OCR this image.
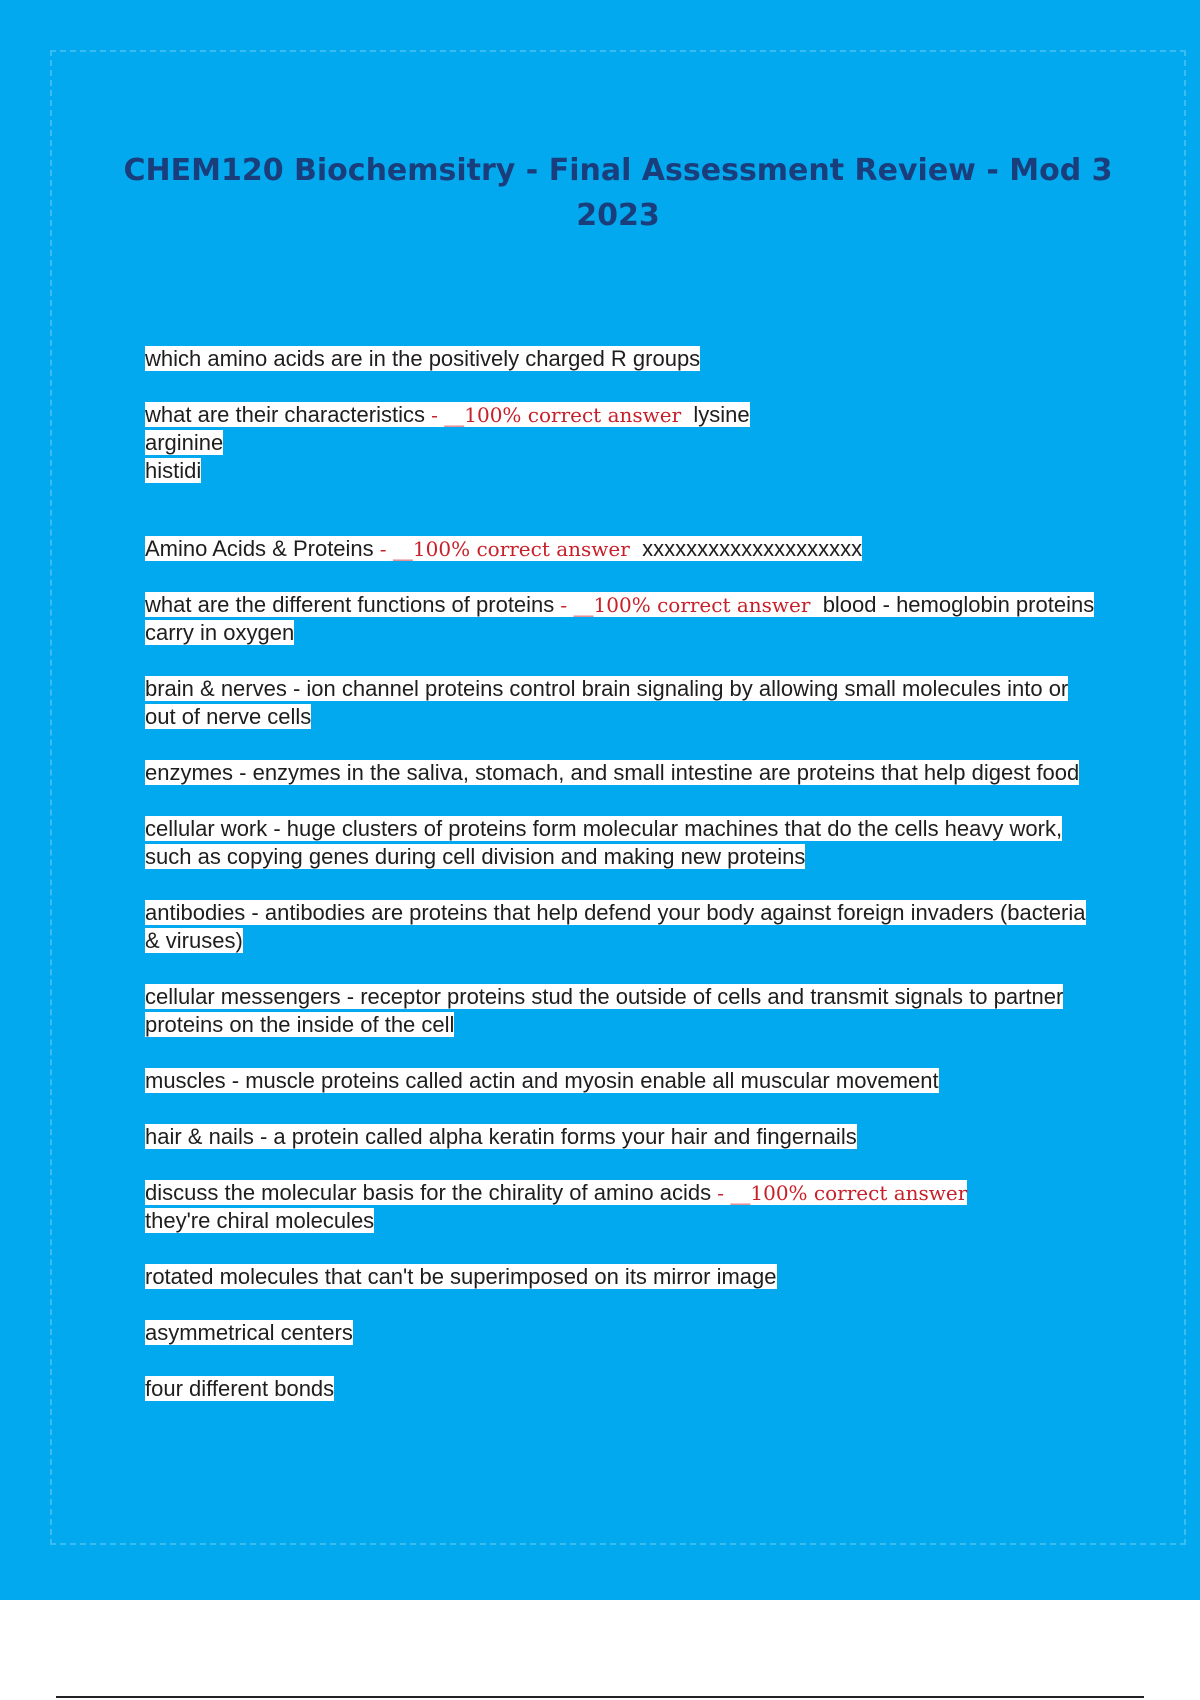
CHEM120 Biochemsitry - Final Assessment Review - Mod 3
2023

which amino acids are in the positively charged R groups

what are their characteristics - __100% correct answer lysine
arginine
histidi

Amino Acids & Proteins - __100% correct answer xxxxxxxxxxxxxxxxxxxx

what are the different functions of proteins - __100% correct answer blood - hemoglobin proteins carry in oxygen

brain & nerves - ion channel proteins control brain signaling by allowing small molecules into or out of nerve cells

enzymes - enzymes in the saliva, stomach, and small intestine are proteins that help digest food

cellular work - huge clusters of proteins form molecular machines that do the cells heavy work, such as copying genes during cell division and making new proteins

antibodies - antibodies are proteins that help defend your body against foreign invaders (bacteria & viruses)

cellular messengers - receptor proteins stud the outside of cells and transmit signals to partner proteins on the inside of the cell

muscles - muscle proteins called actin and myosin enable all muscular movement

hair & nails - a protein called alpha keratin forms your hair and fingernails

discuss the molecular basis for the chirality of amino acids - __100% correct answer
they're chiral molecules

rotated molecules that can't be superimposed on its mirror image

asymmetrical centers

four different bonds
